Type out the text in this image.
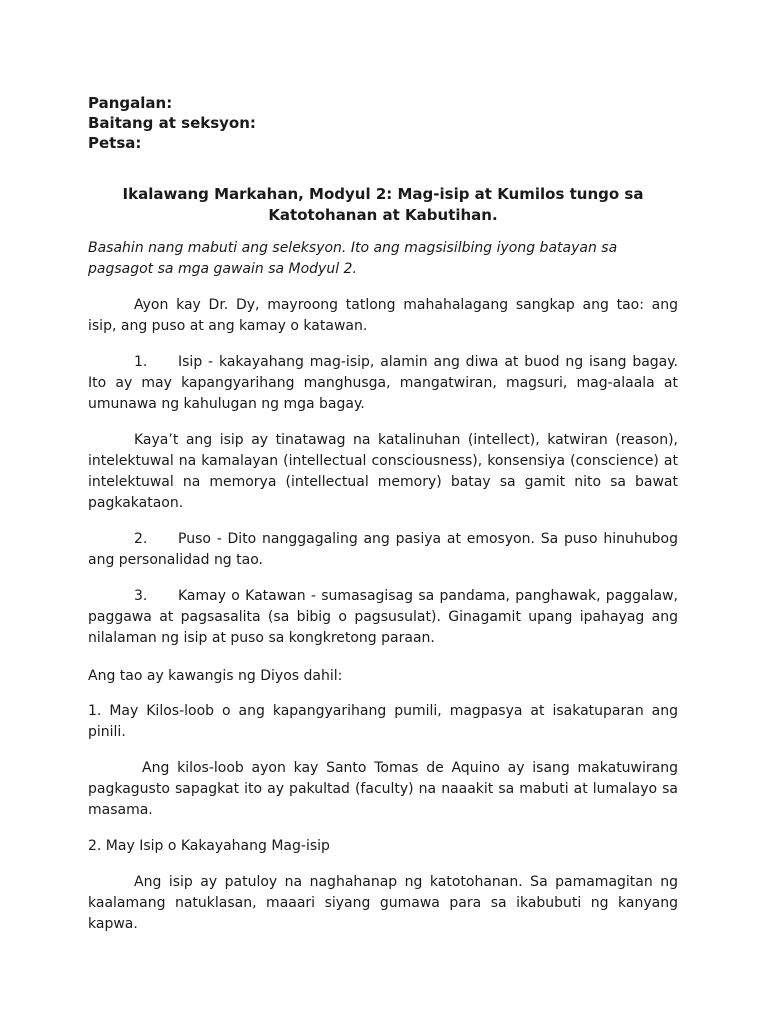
Pangalan:
Baitang at seksyon:
Petsa:
Ikalawang Markahan, Modyul 2: Mag-isip at Kumilos tungo sa Katotohanan at Kabutihan.
Basahin nang mabuti ang seleksyon. Ito ang magsisilbing iyong batayan sa pagsagot sa mga gawain sa Modyul 2.

Ayon kay Dr. Dy, mayroong tatlong mahahalagang sangkap ang tao: ang isip, ang puso at ang kamay o katawan.

1. Isip - kakayahang mag-isip, alamin ang diwa at buod ng isang bagay. Ito ay may kapangyarihang manghusga, mangatwiran, magsuri, mag-alaala at umunawa ng kahulugan ng mga bagay.

Kaya’t ang isip ay tinatawag na katalinuhan (intellect), katwiran (reason), intelektuwal na kamalayan (intellectual consciousness), konsensiya (conscience) at intelektuwal na memorya (intellectual memory) batay sa gamit nito sa bawat pagkakataon.

2. Puso - Dito nanggagaling ang pasiya at emosyon. Sa puso hinuhubog ang personalidad ng tao.

3. Kamay o Katawan - sumasagisag sa pandama, panghawak, paggalaw, paggawa at pagsasalita (sa bibig o pagsusulat). Ginagamit upang ipahayag ang nilalaman ng isip at puso sa kongkretong paraan.

Ang tao ay kawangis ng Diyos dahil:

1. May Kilos-loob o ang kapangyarihang pumili, magpasya at isakatuparan ang pinili.

Ang kilos-loob ayon kay Santo Tomas de Aquino ay isang makatuwirang pagkagusto sapagkat ito ay pakultad (faculty) na naaakit sa mabuti at lumalayo sa masama.

2. May Isip o Kakayahang Mag-isip

Ang isip ay patuloy na naghahanap ng katotohanan. Sa pamamagitan ng kaalamang natuklasan, maaari siyang gumawa para sa ikabubuti ng kanyang kapwa.
